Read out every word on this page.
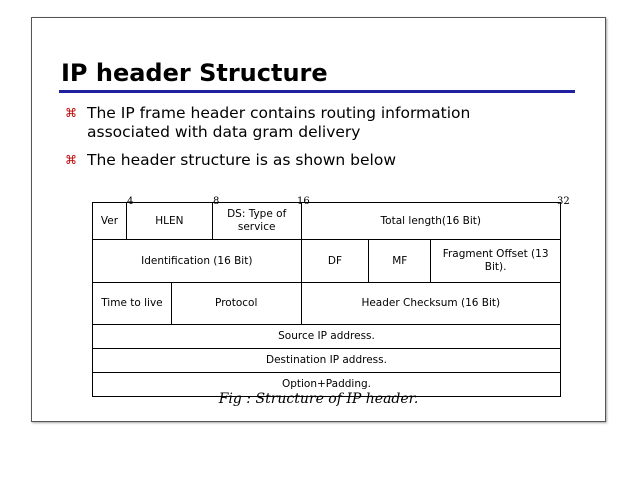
IP header Structure
⌘ The IP frame header contains routing information associated with data gram delivery
⌘ The header structure is as shown below
4	8	16	32
Ver	HLEN		DS: Type of service	Total length(16 Bit)		
Identification (16 Bit)				DF	MF	Fragment Offset (13 Bit).
Time to live		Protocol		Header Checksum (16 Bit)		
Source IP address.						
Destination IP address.						
Option+Padding.						
Fig : Structure of IP header.
